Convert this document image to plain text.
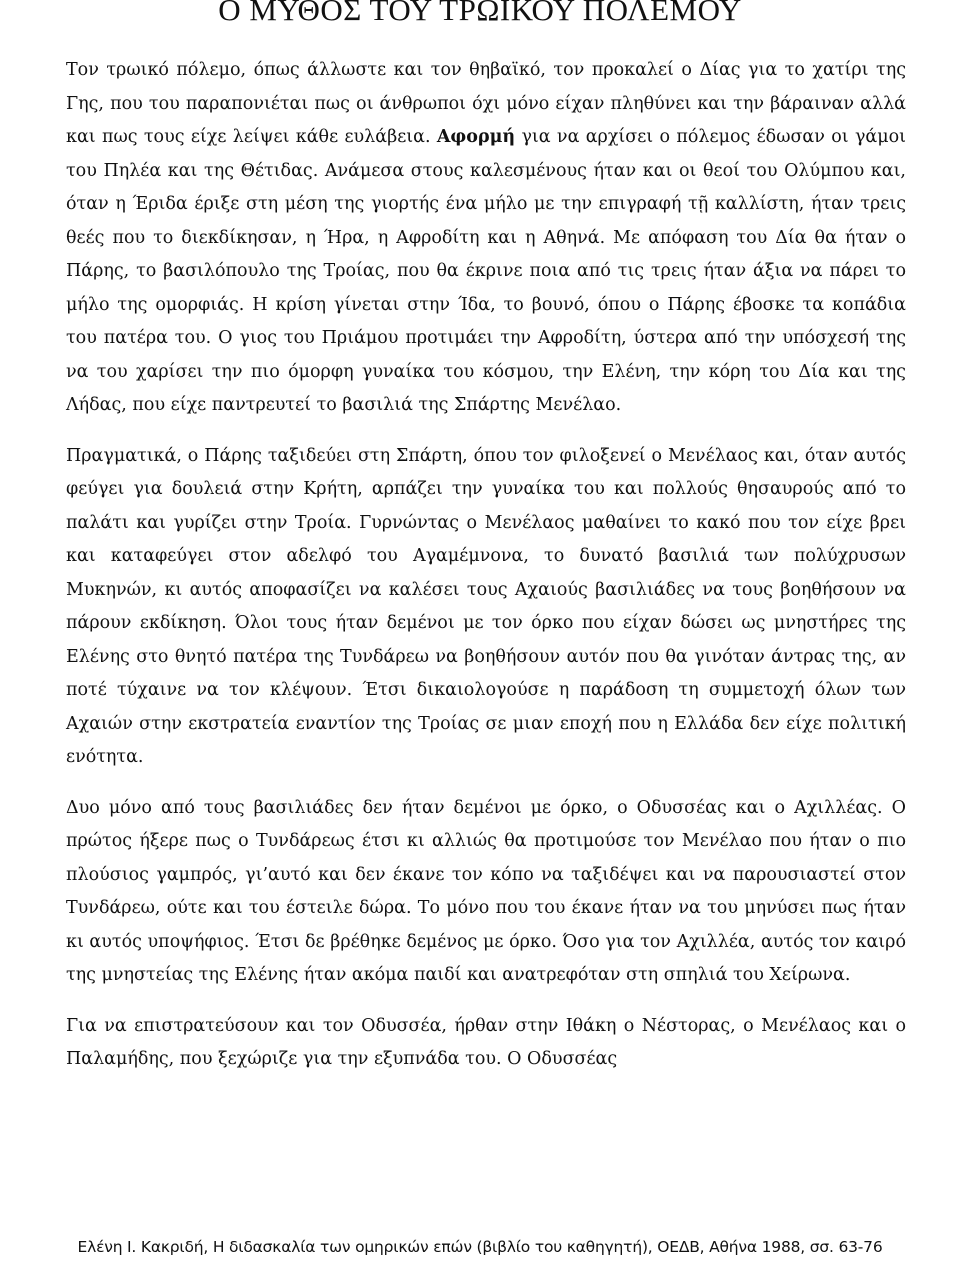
Ο ΜΥΘΟΣ ΤΟΥ ΤΡΩΙΚΟΥ ΠΟΛΕΜΟΥ

Τον τρωικό πόλεμο, όπως άλλωστε και τον θηβαϊκό, τον προκαλεί ο Δίας για το χατίρι της Γης, που του παραπονιέται πως οι άνθρωποι όχι μόνο είχαν πληθύνει και την βάραιναν αλλά και πως τους είχε λείψει κάθε ευλάβεια. Αφορμή για να αρχίσει ο πόλεμος έδωσαν οι γάμοι του Πηλέα και της Θέτιδας. Ανάμεσα στους καλεσμένους ήταν και οι θεοί του Ολύμπου και, όταν η Έριδα έριξε στη μέση της γιορτής ένα μήλο με την επιγραφή τῇ καλλίστη, ήταν τρεις θεές που το διεκδίκησαν, η Ήρα, η Αφροδίτη και η Αθηνά. Με απόφαση του Δία θα ήταν ο Πάρης, το βασιλόπουλο της Τροίας, που θα έκρινε ποια από τις τρεις ήταν άξια να πάρει το μήλο της ομορφιάς. Η κρίση γίνεται στην Ίδα, το βουνό, όπου ο Πάρης έβοσκε τα κοπάδια του πατέρα του. Ο γιος του Πριάμου προτιμάει την Αφροδίτη, ύστερα από την υπόσχεσή της να του χαρίσει την πιο όμορφη γυναίκα του κόσμου, την Ελένη, την κόρη του Δία και της Λήδας, που είχε παντρευτεί το βασιλιά της Σπάρτης Μενέλαο.

Πραγματικά, ο Πάρης ταξιδεύει στη Σπάρτη, όπου τον φιλοξενεί ο Μενέλαος και, όταν αυτός φεύγει για δουλειά στην Κρήτη, αρπάζει την γυναίκα του και πολλούς θησαυρούς από το παλάτι και γυρίζει στην Τροία. Γυρνώντας ο Μενέλαος μαθαίνει το κακό που τον είχε βρει και καταφεύγει στον αδελφό του Αγαμέμνονα, το δυνατό βασιλιά των πολύχρυσων Μυκηνών, κι αυτός αποφασίζει να καλέσει τους Αχαιούς βασιλιάδες να τους βοηθήσουν να πάρουν εκδίκηση. Όλοι τους ήταν δεμένοι με τον όρκο που είχαν δώσει ως μνηστήρες της Ελένης στο θνητό πατέρα της Τυνδάρεω να βοηθήσουν αυτόν που θα γινόταν άντρας της, αν ποτέ τύχαινε να τον κλέψουν. Έτσι δικαιολογούσε η παράδοση τη συμμετοχή όλων των Αχαιών στην εκστρατεία εναντίον της Τροίας σε μιαν εποχή που η Ελλάδα δεν είχε πολιτική ενότητα.

Δυο μόνο από τους βασιλιάδες δεν ήταν δεμένοι με όρκο, ο Οδυσσέας και ο Αχιλλέας. Ο πρώτος ήξερε πως ο Τυνδάρεως έτσι κι αλλιώς θα προτιμούσε τον Μενέλαο που ήταν ο πιο πλούσιος γαμπρός, γι’αυτό και δεν έκανε τον κόπο να ταξιδέψει και να παρουσιαστεί στον Τυνδάρεω, ούτε και του έστειλε δώρα. Το μόνο που του έκανε ήταν να του μηνύσει πως ήταν κι αυτός υποψήφιος. Έτσι δε βρέθηκε δεμένος με όρκο. Όσο για τον Αχιλλέα, αυτός τον καιρό της μνηστείας της Ελένης ήταν ακόμα παιδί και ανατρεφόταν στη σπηλιά του Χείρωνα.

Για να επιστρατεύσουν και τον Οδυσσέα, ήρθαν στην Ιθάκη ο Νέστορας, ο Μενέλαος και ο Παλαμήδης, που ξεχώριζε για την εξυπνάδα του. Ο Οδυσσέας

Ελένη Ι. Κακριδή, Η διδασκαλία των ομηρικών επών (βιβλίο του καθηγητή), ΟΕΔΒ, Αθήνα 1988, σσ. 63-76
